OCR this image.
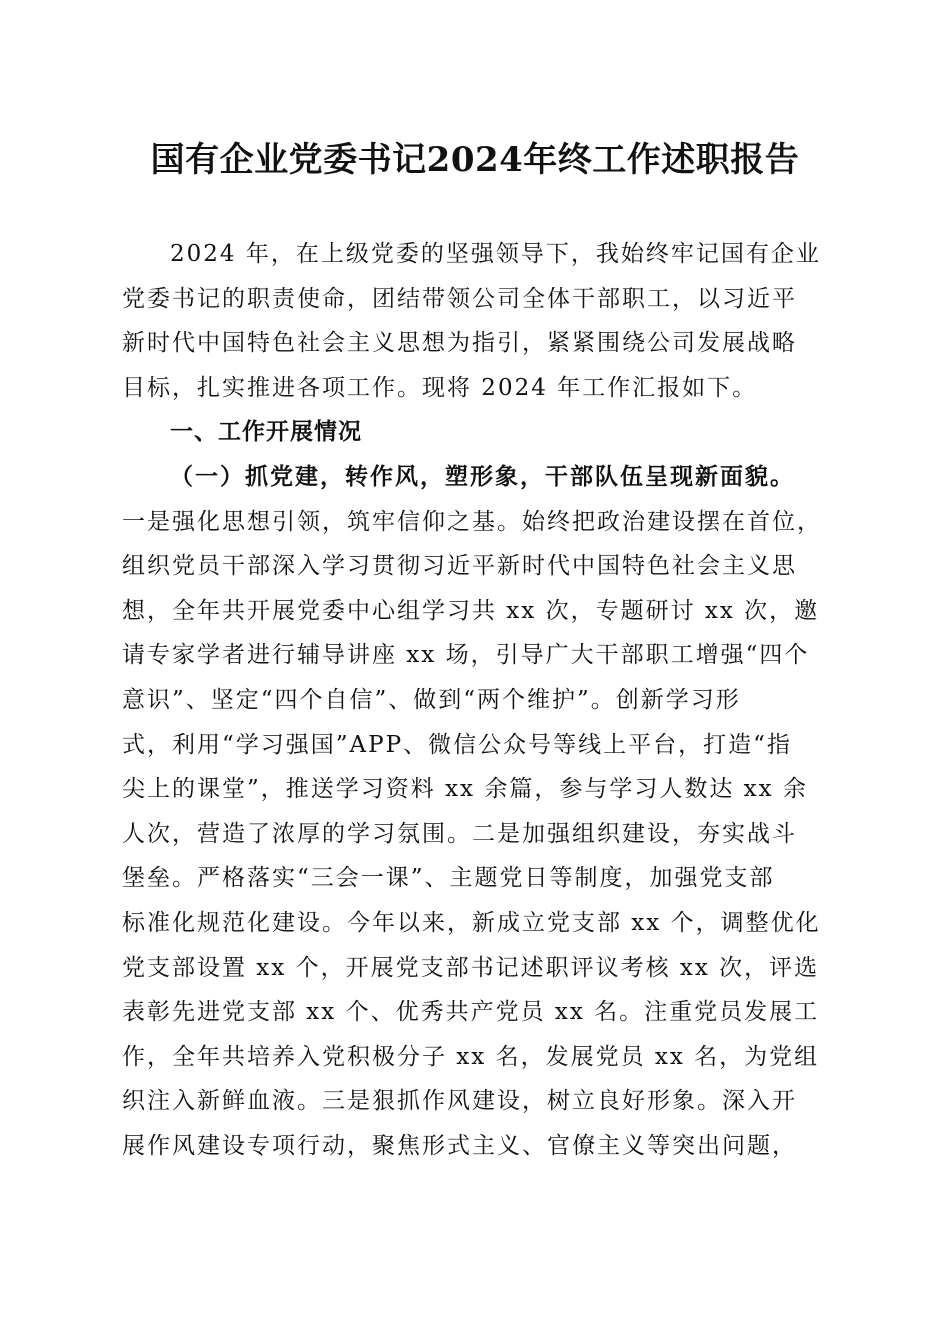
国有企业党委书记2024年终工作述职报告
2024 年，在上级党委的坚强领导下，我始终牢记国有企业
党委书记的职责使命，团结带领公司全体干部职工，以习近平
新时代中国特色社会主义思想为指引，紧紧围绕公司发展战略
目标，扎实推进各项工作。现将 2024 年工作汇报如下。
一、工作开展情况
（一）抓党建，转作风，塑形象，干部队伍呈现新面貌。
一是强化思想引领，筑牢信仰之基。始终把政治建设摆在首位，
组织党员干部深入学习贯彻习近平新时代中国特色社会主义思
想，全年共开展党委中心组学习共 xx 次，专题研讨 xx 次，邀
请专家学者进行辅导讲座 xx 场，引导广大干部职工增强“四个
意识”、坚定“四个自信”、做到“两个维护”。创新学习形
式，利用“学习强国”APP、微信公众号等线上平台，打造“指
尖上的课堂”，推送学习资料 xx 余篇，参与学习人数达 xx 余
人次，营造了浓厚的学习氛围。二是加强组织建设，夯实战斗
堡垒。严格落实“三会一课”、主题党日等制度，加强党支部
标准化规范化建设。今年以来，新成立党支部 xx 个，调整优化
党支部设置 xx 个，开展党支部书记述职评议考核 xx 次，评选
表彰先进党支部 xx 个、优秀共产党员 xx 名。注重党员发展工
作，全年共培养入党积极分子 xx 名，发展党员 xx 名，为党组
织注入新鲜血液。三是狠抓作风建设，树立良好形象。深入开
展作风建设专项行动，聚焦形式主义、官僚主义等突出问题，
